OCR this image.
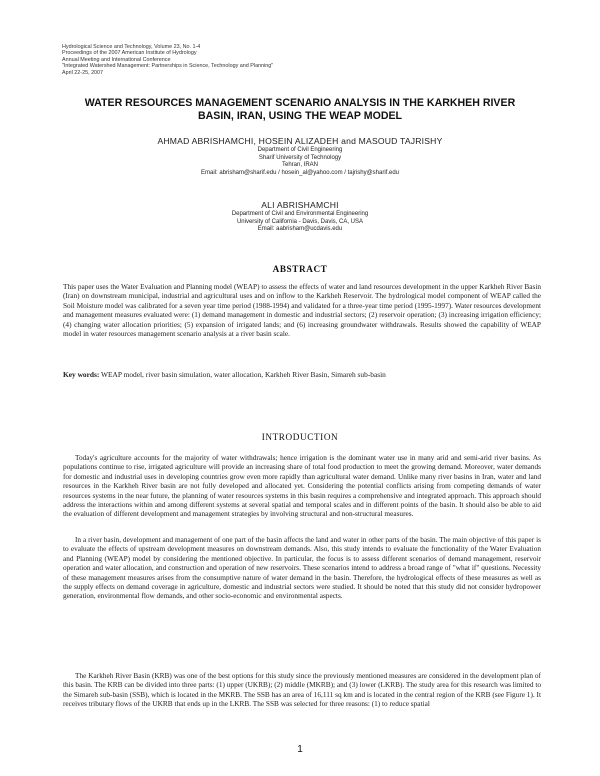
Hydrological Science and Technology, Volume 23, No. 1-4
Proceedings of the 2007 American Institute of Hydrology
Annual Meeting and International Conference
"Integrated Watershed Management: Partnerships in Science, Technology and Planning"
April 22-25, 2007
WATER RESOURCES MANAGEMENT SCENARIO ANALYSIS IN THE KARKHEH RIVER
BASIN, IRAN, USING THE WEAP MODEL
AHMAD ABRISHAMCHI, HOSEIN ALIZADEH and MASOUD TAJRISHY
Department of Civil Engineering
Sharif University of Technology
Tehran, IRAN
Email: abrisham@sharif.edu / hosein_al@yahoo.com / tajrishy@sharif.edu
ALI ABRISHAMCHI
Department of Civil and Environmental Engineering
University of California - Davis, Davis, CA, USA
Email: aabrisham@ucdavis.edu
ABSTRACT
This paper uses the Water Evaluation and Planning model (WEAP) to assess the effects of water and land resources development in the upper Karkheh River Basin (Iran) on downstream municipal, industrial and agricultural uses and on inflow to the Karkheh Reservoir. The hydrological model component of WEAP called the Soil Moisture model was calibrated for a seven year time period (1988-1994) and validated for a three-year time period (1995-1997). Water resources development and management measures evaluated were: (1) demand management in domestic and industrial sectors; (2) reservoir operation; (3) increasing irrigation efficiency; (4) changing water allocation priorities; (5) expansion of irrigated lands; and (6) increasing groundwater withdrawals. Results showed the capability of WEAP model in water resources management scenario analysis at a river basin scale.
Key words: WEAP model, river basin simulation, water allocation, Karkheh River Basin, Simareh sub-basin
INTRODUCTION
Today's agriculture accounts for the majority of water withdrawals; hence irrigation is the dominant water use in many arid and semi-arid river basins. As populations continue to rise, irrigated agriculture will provide an increasing share of total food production to meet the growing demand. Moreover, water demands for domestic and industrial uses in developing countries grow even more rapidly than agricultural water demand. Unlike many river basins in Iran, water and land resources in the Karkheh River basin are not fully developed and allocated yet. Considering the potential conflicts arising from competing demands of water resources systems in the near future, the planning of water resources systems in this basin requires a comprehensive and integrated approach. This approach should address the interactions within and among different systems at several spatial and temporal scales and in different points of the basin. It should also be able to aid the evaluation of different development and management strategies by involving structural and non-structural measures.
In a river basin, development and management of one part of the basin affects the land and water in other parts of the basin. The main objective of this paper is to evaluate the effects of upstream development measures on downstream demands. Also, this study intends to evaluate the functionality of the Water Evaluation and Planning (WEAP) model by considering the mentioned objective. In particular, the focus is to assess different scenarios of demand management, reservoir operation and water allocation, and construction and operation of new reservoirs. These scenarios intend to address a broad range of "what if" questions. Necessity of these management measures arises from the consumptive nature of water demand in the basin. Therefore, the hydrological effects of these measures as well as the supply effects on demand coverage in agriculture, domestic and industrial sectors were studied. It should be noted that this study did not consider hydropower generation, environmental flow demands, and other socio-economic and environmental aspects.
The Karkheh River Basin (KRB) was one of the best options for this study since the previously mentioned measures are considered in the development plan of this basin. The KRB can be divided into three parts: (1) upper (UKRB); (2) middle (MKRB); and (3) lower (LKRB). The study area for this research was limited to the Simareh sub-basin (SSB), which is located in the MKRB. The SSB has an area of 16,111 sq km and is located in the central region of the KRB (see Figure 1). It receives tributary flows of the UKRB that ends up in the LKRB. The SSB was selected for three reasons: (1) to reduce spatial
1
